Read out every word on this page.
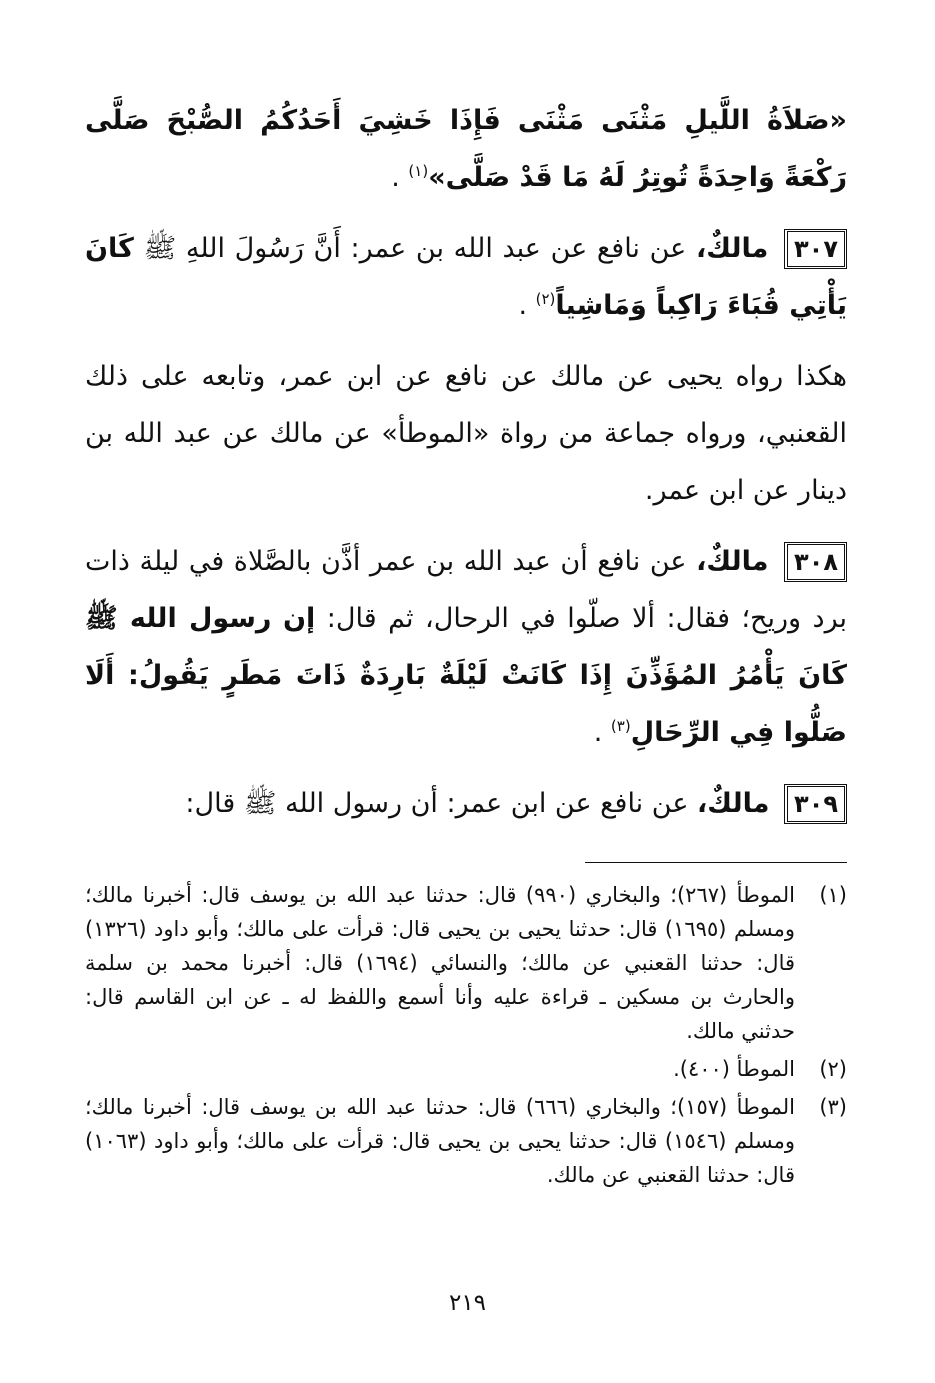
«صَلاَةُ اللَّيلِ مَثْنَى مَثْنَى فَإِذَا خَشِيَ أَحَدُكُمُ الصُّبْحَ صَلَّى رَكْعَةً وَاحِدَةً تُوتِرُ لَهُ مَا قَدْ صَلَّى»$^{(١)}$ .

٣٠٧ مالكٌ، عن نافع عن عبد الله بن عمر: أَنَّ رَسُولَ اللهِ ﷺ كَانَ يَأْتِي قُبَاءَ رَاكِباً وَمَاشِياً$^{(٢)}$ .

هكذا رواه يحيى عن مالك عن نافع عن ابن عمر، وتابعه على ذلك القعنبي، ورواه جماعة من رواة «الموطأ» عن مالك عن عبد الله بن دينار عن ابن عمر.

٣٠٨ مالكٌ، عن نافع أن عبد الله بن عمر أذَّن بالصَّلاة في ليلة ذات برد وريح؛ فقال: ألا صلّوا في الرحال، ثم قال: إن رسول الله ﷺ كَانَ يَأْمُرُ المُؤَذِّنَ إِذَا كَانَتْ لَيْلَةٌ بَارِدَةٌ ذَاتَ مَطَرٍ يَقُولُ: أَلَا صَلُّوا فِي الرِّحَالِ$^{(٣)}$ .

٣٠٩ مالكٌ، عن نافع عن ابن عمر: أن رسول الله ﷺ قال:

(١)
الموطأ (٢٦٧)؛ والبخاري (٩٩٠) قال: حدثنا عبد الله بن يوسف قال: أخبرنا مالك؛ ومسلم (١٦٩٥) قال: حدثنا يحيى بن يحيى قال: قرأت على مالك؛ وأبو داود (١٣٢٦) قال: حدثنا القعنبي عن مالك؛ والنسائي (١٦٩٤) قال: أخبرنا محمد بن سلمة والحارث بن مسكين ـ قراءة عليه وأنا أسمع واللفظ له ـ عن ابن القاسم قال: حدثني مالك.
(٢)
الموطأ (٤٠٠).
(٣)
الموطأ (١٥٧)؛ والبخاري (٦٦٦) قال: حدثنا عبد الله بن يوسف قال: أخبرنا مالك؛ ومسلم (١٥٤٦) قال: حدثنا يحيى بن يحيى قال: قرأت على مالك؛ وأبو داود (١٠٦٣) قال: حدثنا القعنبي عن مالك.
٢١٩
